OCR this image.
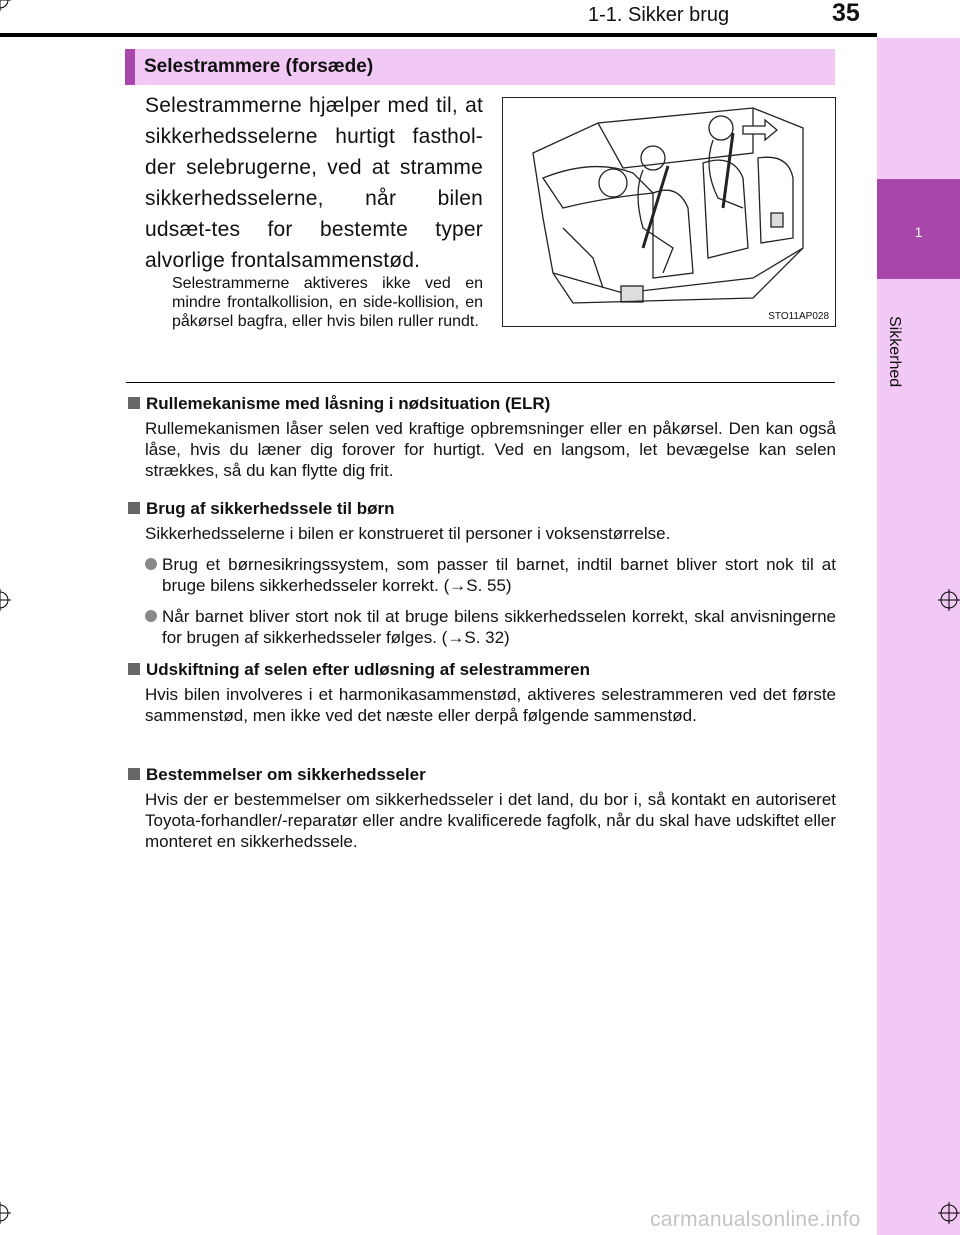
1-1. Sikker brug	35
1
Sikkerhed
Selestrammere (forsæde)
Selestrammerne hjælper med til, at sikkerhedsselerne hurtigt fasthol-der selebrugerne, ved at stramme sikkerhedsselerne, når bilen udsæt-tes for bestemte typer alvorlige frontalsammenstød.
Selestrammerne aktiveres ikke ved en mindre frontalkollision, en side-kollision, en påkørsel bagfra, eller hvis bilen ruller rundt.	STO11AP028

Rullemekanisme med låsning i nødsituation (ELR)

Rullemekanismen låser selen ved kraftige opbremsninger eller en påkørsel. Den kan også låse, hvis du læner dig forover for hurtigt. Ved en langsom, let bevægelse kan selen strækkes, så du kan flytte dig frit.

Brug af sikkerhedssele til børn

Sikkerhedsselerne i bilen er konstrueret til personer i voksenstørrelse.
Brug et børnesikringssystem, som passer til barnet, indtil barnet bliver stort nok til at bruge bilens sikkerhedsseler korrekt. (→S. 55)
Når barnet bliver stort nok til at bruge bilens sikkerhedsselen korrekt, skal anvisningerne for brugen af sikkerhedsseler følges. (→S. 32)

Udskiftning af selen efter udløsning af selestrammeren

Hvis bilen involveres i et harmonikasammenstød, aktiveres selestrammeren ved det første sammenstød, men ikke ved det næste eller derpå følgende sammenstød.

Bestemmelser om sikkerhedsseler

Hvis der er bestemmelser om sikkerhedsseler i det land, du bor i, så kontakt en autoriseret Toyota-forhandler/-reparatør eller andre kvalificerede fagfolk, når du skal have udskiftet eller monteret en sikkerhedssele.
carmanualsonline.info
